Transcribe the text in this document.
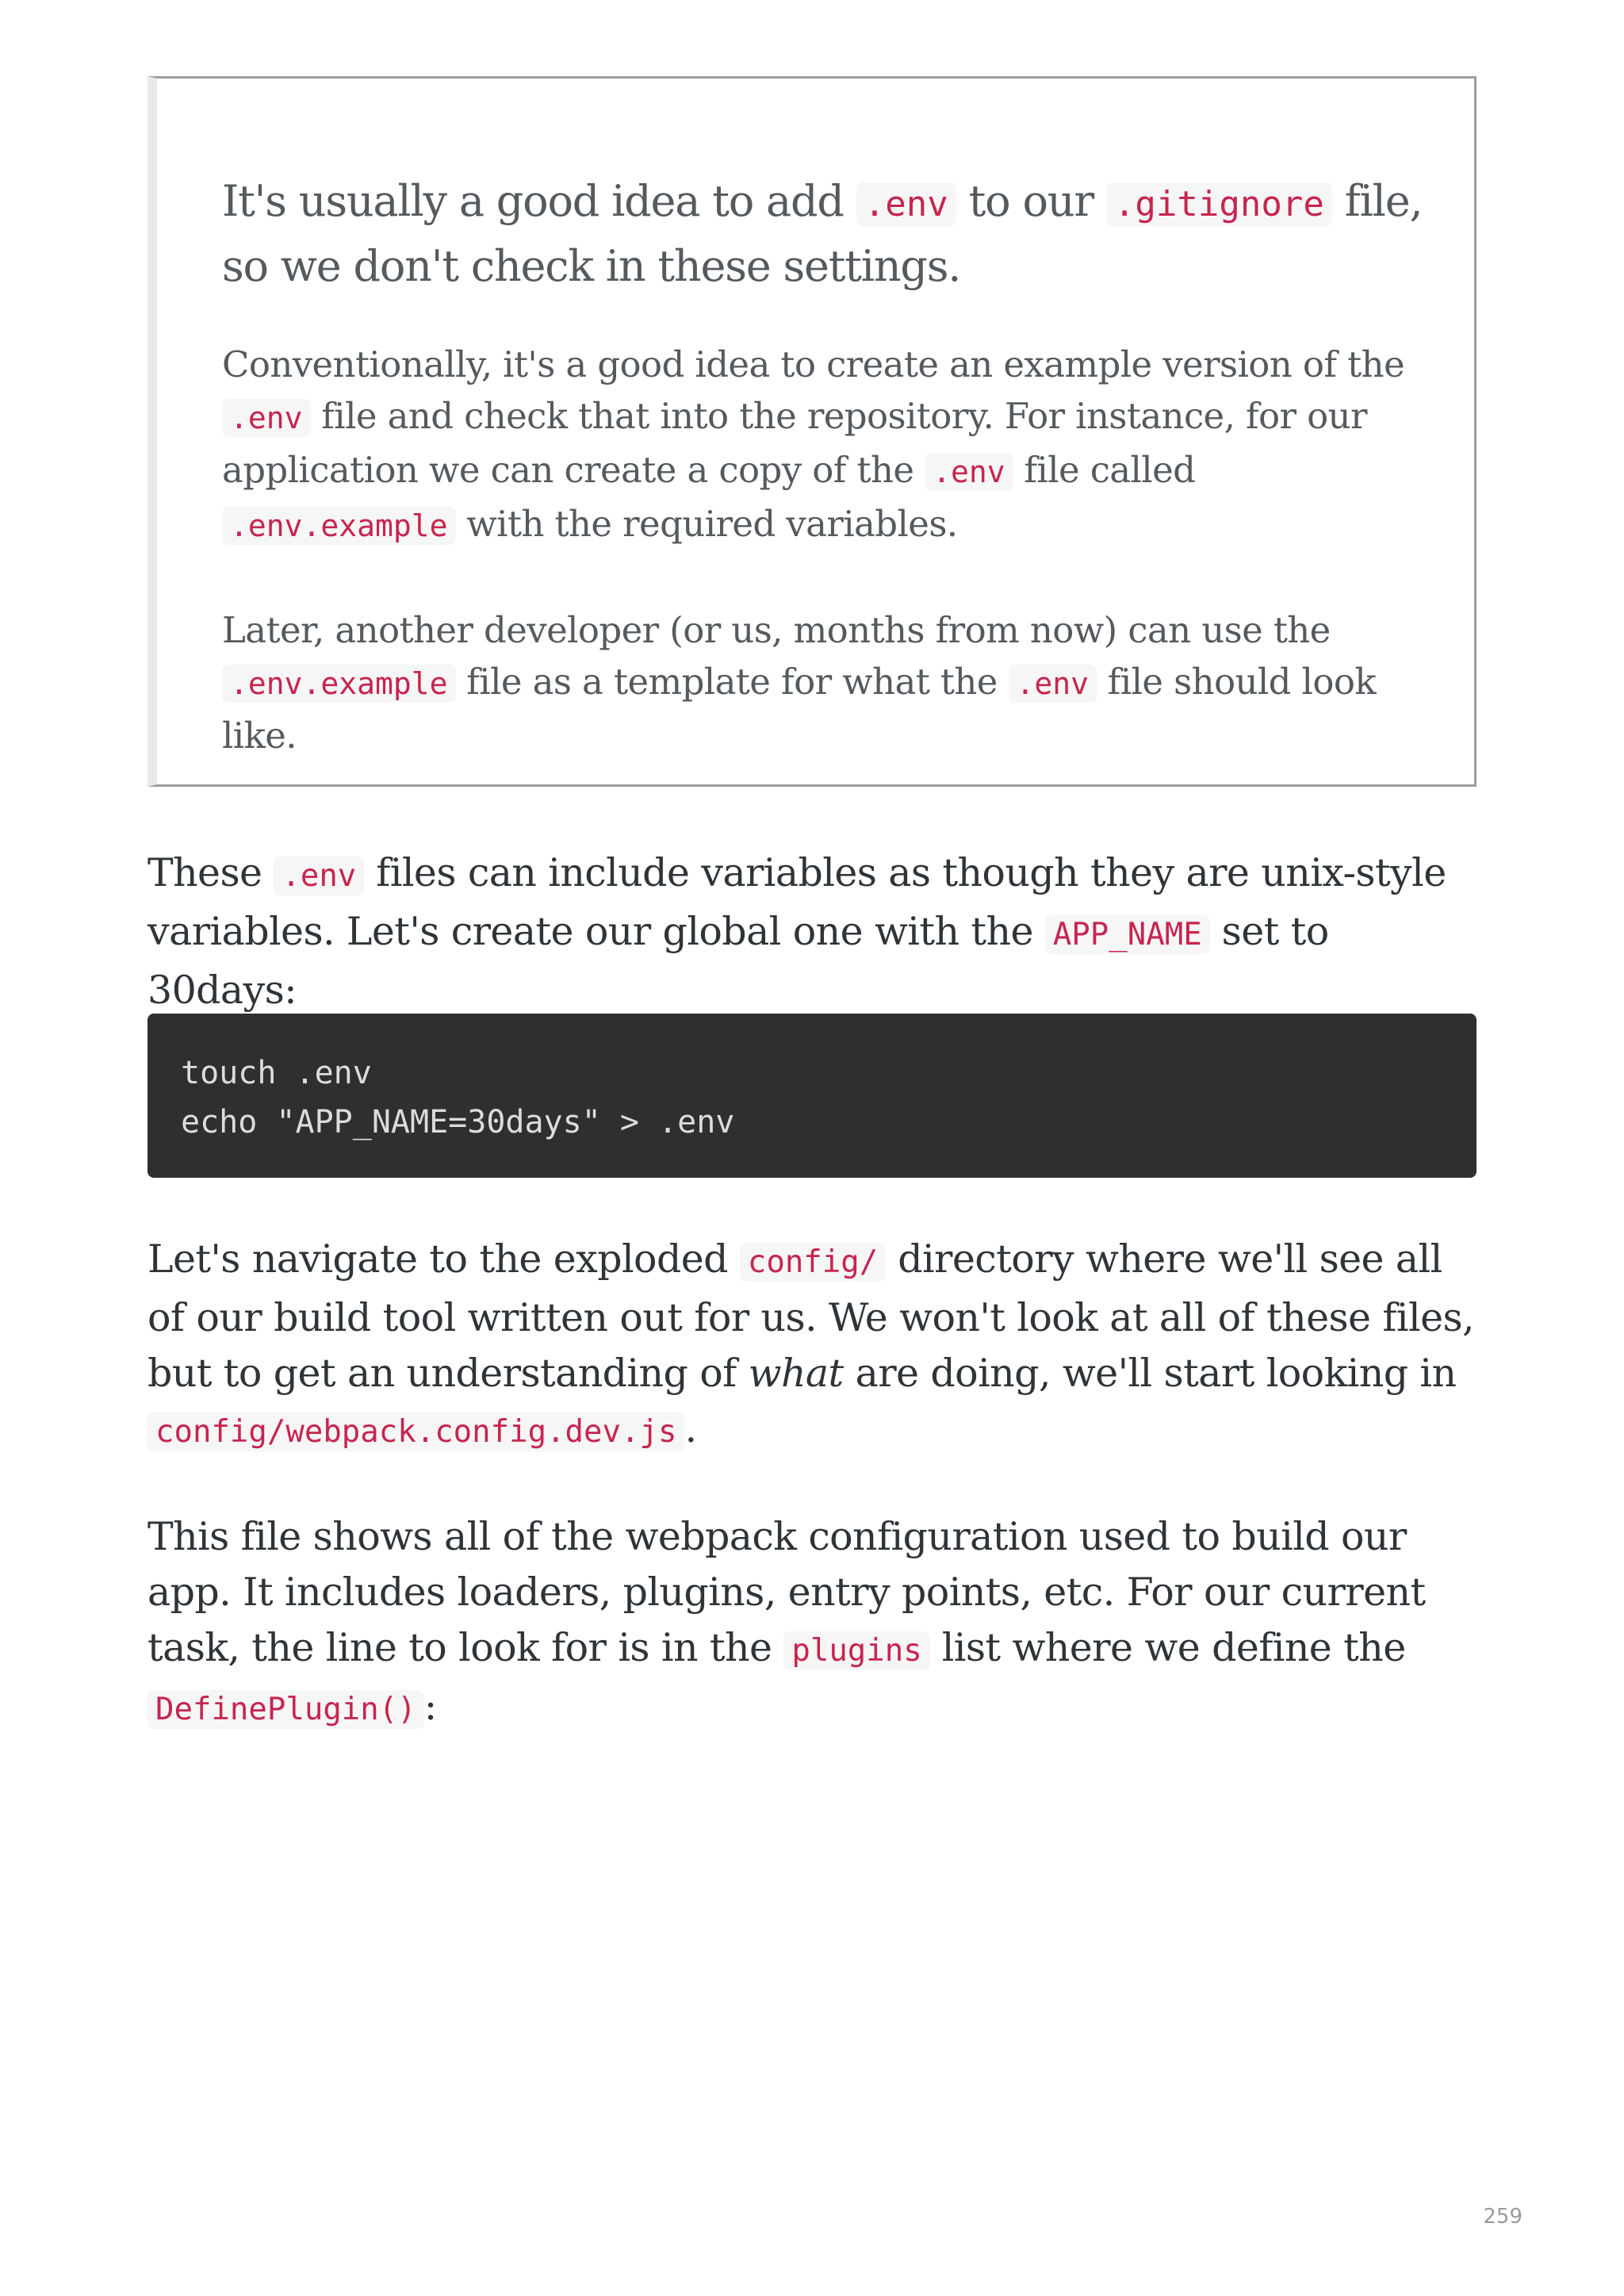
It's usually a good idea to add .env to our .gitignore file, so we don't check in these settings.

Conventionally, it's a good idea to create an example version of the .env file and check that into the repository. For instance, for our application we can create a copy of the .env file called .env.example with the required variables.

Later, another developer (or us, months from now) can use the .env.example file as a template for what the .env file should look like.

These .env files can include variables as though they are unix-style variables. Let's create our global one with the APP_NAME set to 30days:

touch .env
echo "APP_NAME=30days" > .env

Let's navigate to the exploded config/ directory where we'll see all of our build tool written out for us. We won't look at all of these files, but to get an understanding of what are doing, we'll start looking in config/webpack.config.dev.js .

This file shows all of the webpack configuration used to build our app. It includes loaders, plugins, entry points, etc. For our current task, the line to look for is in the plugins list where we define the DefinePlugin() :

259
